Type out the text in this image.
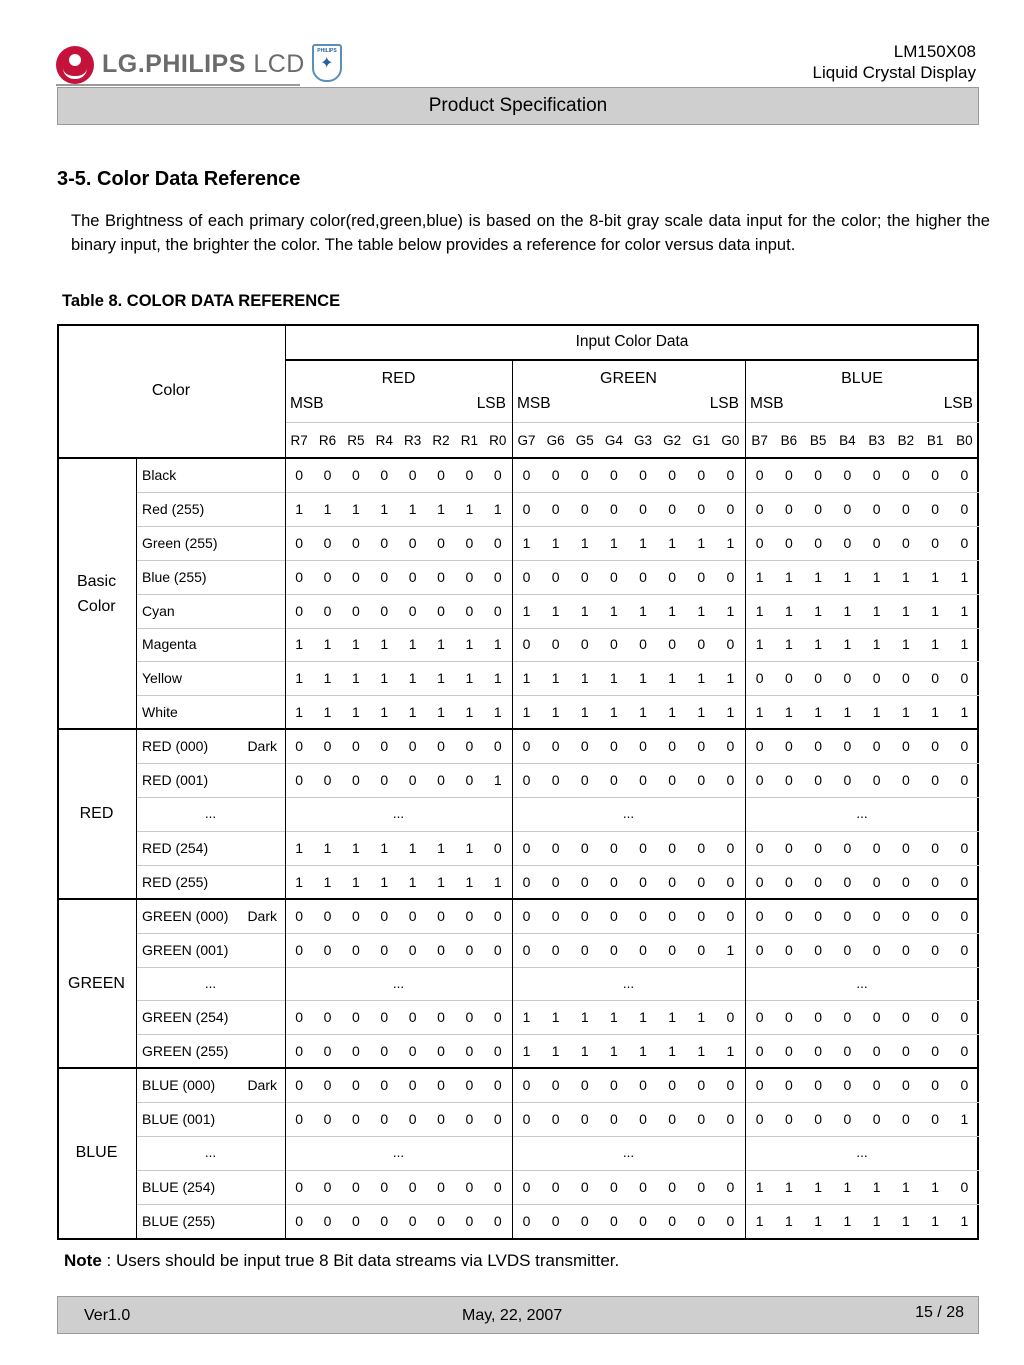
LG.PHILIPS LCD	PHILIPS
✦
LM150X08
Liquid Crystal Display
Product Specification
3-5. Color Data Reference
The Brightness of each primary color(red,green,blue) is based on the 8-bit gray scale data input for the color; the higher the binary input, the brighter the color. The table below provides a reference for color versus data input.
Table 8. COLOR DATA REFERENCE
Color
Input Color Data
RED
MSB	LSB
R7 R6 R5 R4 R3 R2 R1 R0
GREEN
MSB	LSB
G7 G6 G5 G4 G3 G2 G1 G0
BLUE
MSB	LSB
B7 B6 B5 B4 B3 B2 B1 B0
Basic
Color
Black	0	0	0	0	0	0	0	0	0	0	0	0	0	0	0	0	0	0	0	0	0	0	0	0
Red (255)	1	1	1	1	1	1	1	1	0	0	0	0	0	0	0	0	0	0	0	0	0	0	0	0
Green (255)	0	0	0	0	0	0	0	0	1	1	1	1	1	1	1	1	0	0	0	0	0	0	0	0
Blue (255)	0	0	0	0	0	0	0	0	0	0	0	0	0	0	0	0	1	1	1	1	1	1	1	1
Cyan	0	0	0	0	0	0	0	0	1	1	1	1	1	1	1	1	1	1	1	1	1	1	1	1
Magenta	1	1	1	1	1	1	1	1	0	0	0	0	0	0	0	0	1	1	1	1	1	1	1	1
Yellow	1	1	1	1	1	1	1	1	1	1	1	1	1	1	1	1	0	0	0	0	0	0	0	0
White	1	1	1	1	1	1	1	1	1	1	1	1	1	1	1	1	1	1	1	1	1	1	1	1
RED
RED (000)	Dark	0	0	0	0	0	0	0	0	0	0	0	0	0	0	0	0	0	0	0	0	0	0	0	0
RED (001)	0	0	0	0	0	0	0	1	0	0	0	0	0	0	0	0	0	0	0	0	0	0	0	0
...	...	...	...
RED (254)	1	1	1	1	1	1	1	0	0	0	0	0	0	0	0	0	0	0	0	0	0	0	0	0
RED (255)	1	1	1	1	1	1	1	1	0	0	0	0	0	0	0	0	0	0	0	0	0	0	0	0
GREEN
GREEN (000)	Dark	0	0	0	0	0	0	0	0	0	0	0	0	0	0	0	0	0	0	0	0	0	0	0	0
GREEN (001)	0	0	0	0	0	0	0	0	0	0	0	0	0	0	0	1	0	0	0	0	0	0	0	0
...	...	...	...
GREEN (254)	0	0	0	0	0	0	0	0	1	1	1	1	1	1	1	0	0	0	0	0	0	0	0	0
GREEN (255)	0	0	0	0	0	0	0	0	1	1	1	1	1	1	1	1	0	0	0	0	0	0	0	0
BLUE
BLUE (000)	Dark	0	0	0	0	0	0	0	0	0	0	0	0	0	0	0	0	0	0	0	0	0	0	0	0
BLUE (001)	0	0	0	0	0	0	0	0	0	0	0	0	0	0	0	0	0	0	0	0	0	0	0	1
...	...	...	...
BLUE (254)	0	0	0	0	0	0	0	0	0	0	0	0	0	0	0	0	1	1	1	1	1	1	1	0
BLUE (255)	0	0	0	0	0	0	0	0	0	0	0	0	0	0	0	0	1	1	1	1	1	1	1	1
Note : Users should be input true 8 Bit data streams via LVDS transmitter.
Ver1.0	May, 22, 2007	15 / 28
